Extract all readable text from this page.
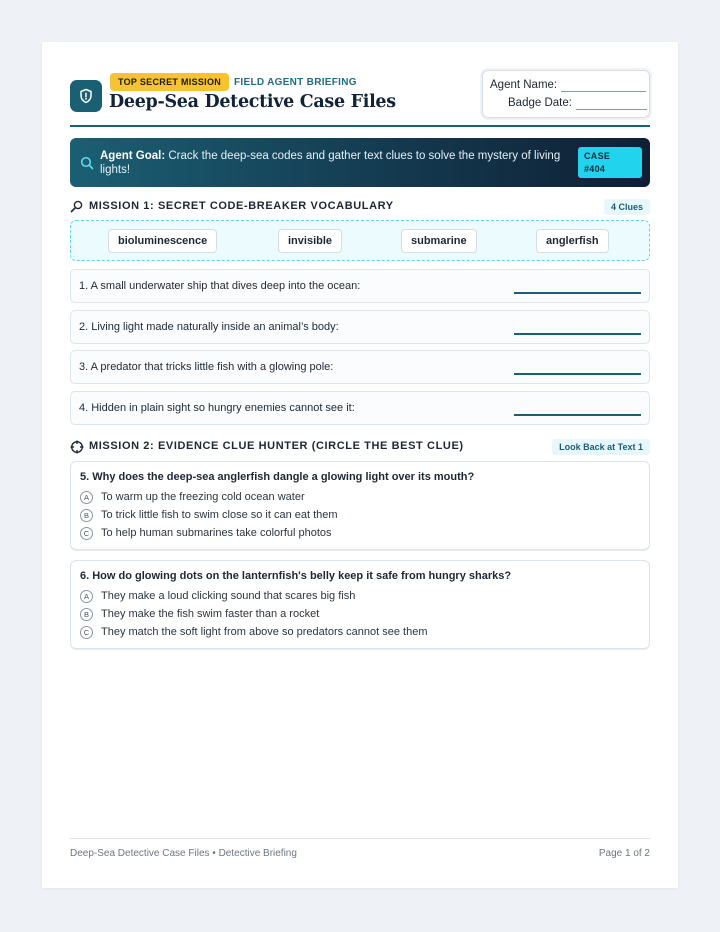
TOP SECRET MISSION	FIELD AGENT BRIEFING
Deep-Sea Detective Case Files
Agent Name:
Badge Date:
Agent Goal: Crack the deep-sea codes and gather text clues to solve the mystery of living lights!
CASE
#404
MISSION 1: SECRET CODE-BREAKER VOCABULARY	4 Clues
bioluminescence	invisible	submarine	anglerfish
1. A small underwater ship that dives deep into the ocean:
2. Living light made naturally inside an animal’s body:
3. A predator that tricks little fish with a glowing pole:
4. Hidden in plain sight so hungry enemies cannot see it:
MISSION 2: EVIDENCE CLUE HUNTER (CIRCLE THE BEST CLUE)	Look Back at Text 1
5. Why does the deep-sea anglerfish dangle a glowing light over its mouth?
A	To warm up the freezing cold ocean water
B	To trick little fish to swim close so it can eat them
C	To help human submarines take colorful photos
6. How do glowing dots on the lanternfish's belly keep it safe from hungry sharks?
A	They make a loud clicking sound that scares big fish
B	They make the fish swim faster than a rocket
C	They match the soft light from above so predators cannot see them
Deep-Sea Detective Case Files • Detective Briefing	Page 1 of 2
